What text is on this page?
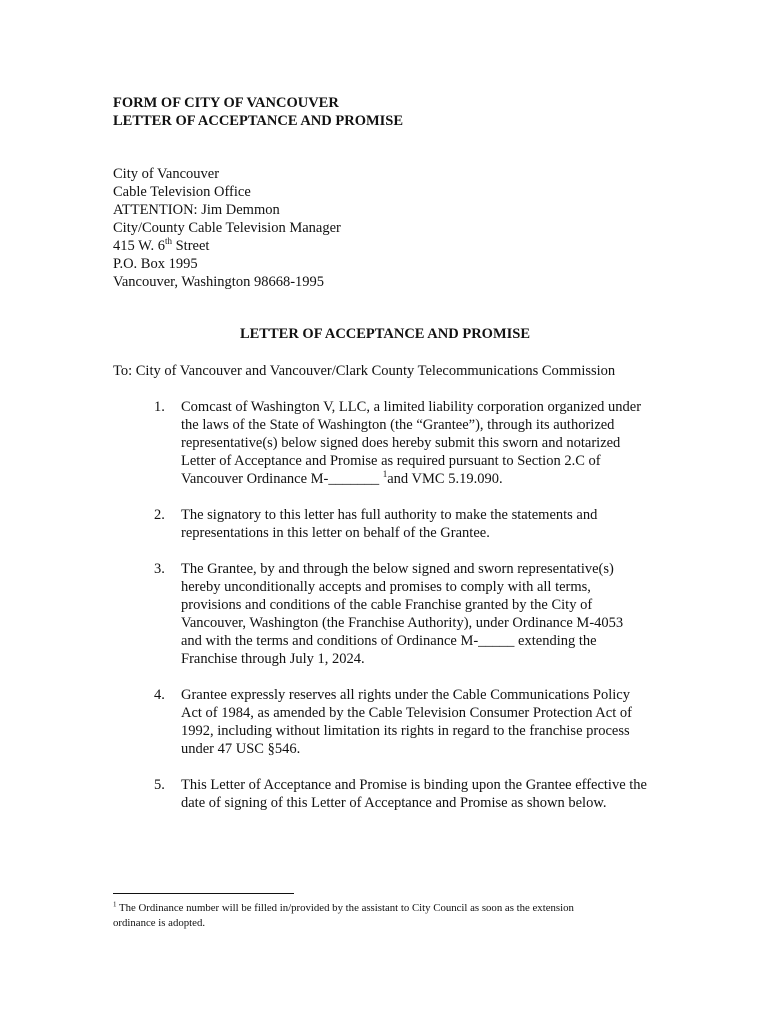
FORM OF CITY OF VANCOUVER
LETTER OF ACCEPTANCE AND PROMISE
City of Vancouver
Cable Television Office
ATTENTION: Jim Demmon
City/County Cable Television Manager
415 W. 6th Street
P.O. Box 1995
Vancouver, Washington 98668-1995
LETTER OF ACCEPTANCE AND PROMISE
To: City of Vancouver and Vancouver/Clark County Telecommunications Commission
1. Comcast of Washington V, LLC, a limited liability corporation organized under
the laws of the State of Washington (the “Grantee”), through its authorized
representative(s) below signed does hereby submit this sworn and notarized
Letter of Acceptance and Promise as required pursuant to Section 2.C of
Vancouver Ordinance M-_______ $^1$and VMC 5.19.090.
2. The signatory to this letter has full authority to make the statements and
representations in this letter on behalf of the Grantee.
3. The Grantee, by and through the below signed and sworn representative(s)
hereby unconditionally accepts and promises to comply with all terms,
provisions and conditions of the cable Franchise granted by the City of
Vancouver, Washington (the Franchise Authority), under Ordinance M-4053
and with the terms and conditions of Ordinance M-_____ extending the
Franchise through July 1, 2024.
4. Grantee expressly reserves all rights under the Cable Communications Policy
Act of 1984, as amended by the Cable Television Consumer Protection Act of
1992, including without limitation its rights in regard to the franchise process
under 47 USC §546.
5. This Letter of Acceptance and Promise is binding upon the Grantee effective the
date of signing of this Letter of Acceptance and Promise as shown below.
$^1$ The Ordinance number will be filled in/provided by the assistant to City Council as soon as the extension
ordinance is adopted.
